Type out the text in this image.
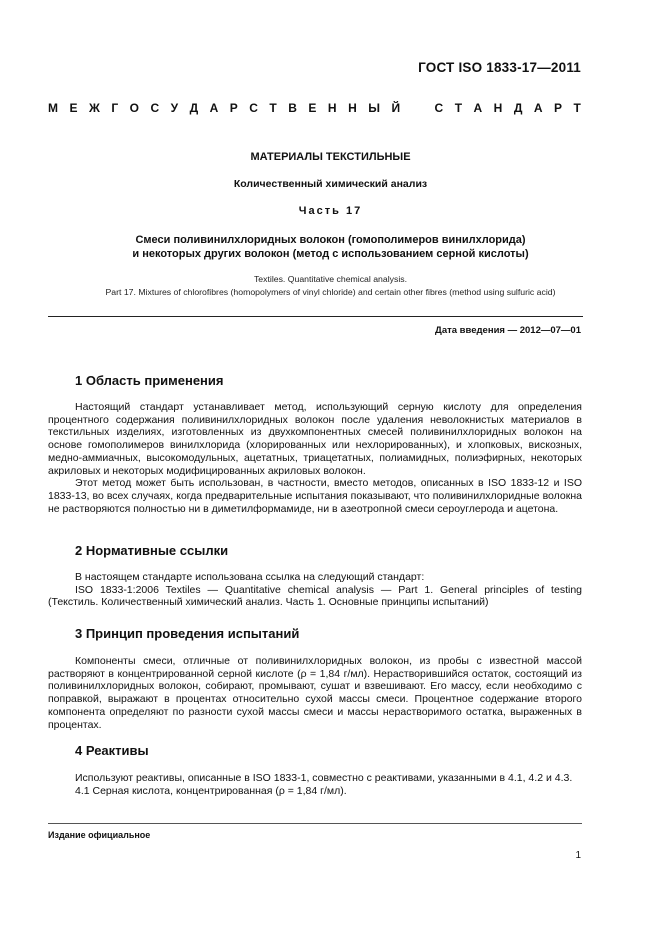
ГОСТ ISO 1833-17—2011
М Е Ж Г О С У Д А Р С Т В Е Н Н Ы Й	С Т А Н Д А Р Т
МАТЕРИАЛЫ ТЕКСТИЛЬНЫЕ
Количественный химический анализ
Часть 17
Смеси поливинилхлоридных волокон (гомополимеров винилхлорида)
и некоторых других волокон (метод с использованием серной кислоты)
Textiles. Quantitative chemical analysis.
Part 17. Mixtures of chlorofibres (homopolymers of vinyl chloride) and certain other fibres (method using sulfuric acid)
Дата введения — 2012—07—01
1 Область применения
Настоящий стандарт устанавливает метод, использующий серную кислоту для определения процентного содержания поливинилхлоридных волокон после удаления неволокнистых материалов в текстильных изделиях, изготовленных из двухкомпонентных смесей поливинилхлоридных волокон на основе гомополимеров винилхлорида (хлорированных или нехлорированных), и хлопковых, вискозных, медно-аммиачных, высокомодульных, ацетатных, триацетатных, полиамидных, полиэфирных, некоторых акриловых и некоторых модифицированных акриловых волокон.
Этот метод может быть использован, в частности, вместо методов, описанных в ISO 1833-12 и ISO 1833-13, во всех случаях, когда предварительные испытания показывают, что поливинилхлоридные волокна не растворяются полностью ни в диметилформамиде, ни в азеотропной смеси сероуглерода и ацетона.
2 Нормативные ссылки
В настоящем стандарте использована ссылка на следующий стандарт:
ISO 1833-1:2006 Textiles — Quantitative chemical analysis — Part 1. General principles of testing (Текстиль. Количественный химический анализ. Часть 1. Основные принципы испытаний)
3 Принцип проведения испытаний
Компоненты смеси, отличные от поливинилхлоридных волокон, из пробы с известной массой растворяют в концентрированной серной кислоте (ρ = 1,84 г/мл). Нерастворившийся остаток, состоящий из поливинилхлоридных волокон, собирают, промывают, сушат и взвешивают. Его массу, если необходимо с поправкой, выражают в процентах относительно сухой массы смеси. Процентное содержание второго компонента определяют по разности сухой массы смеси и массы нерастворимого остатка, выраженных в процентах.
4 Реактивы
Используют реактивы, описанные в ISO 1833-1, совместно с реактивами, указанными в 4.1, 4.2 и 4.3.
4.1 Серная кислота, концентрированная (ρ = 1,84 г/мл).
Издание официальное
1
